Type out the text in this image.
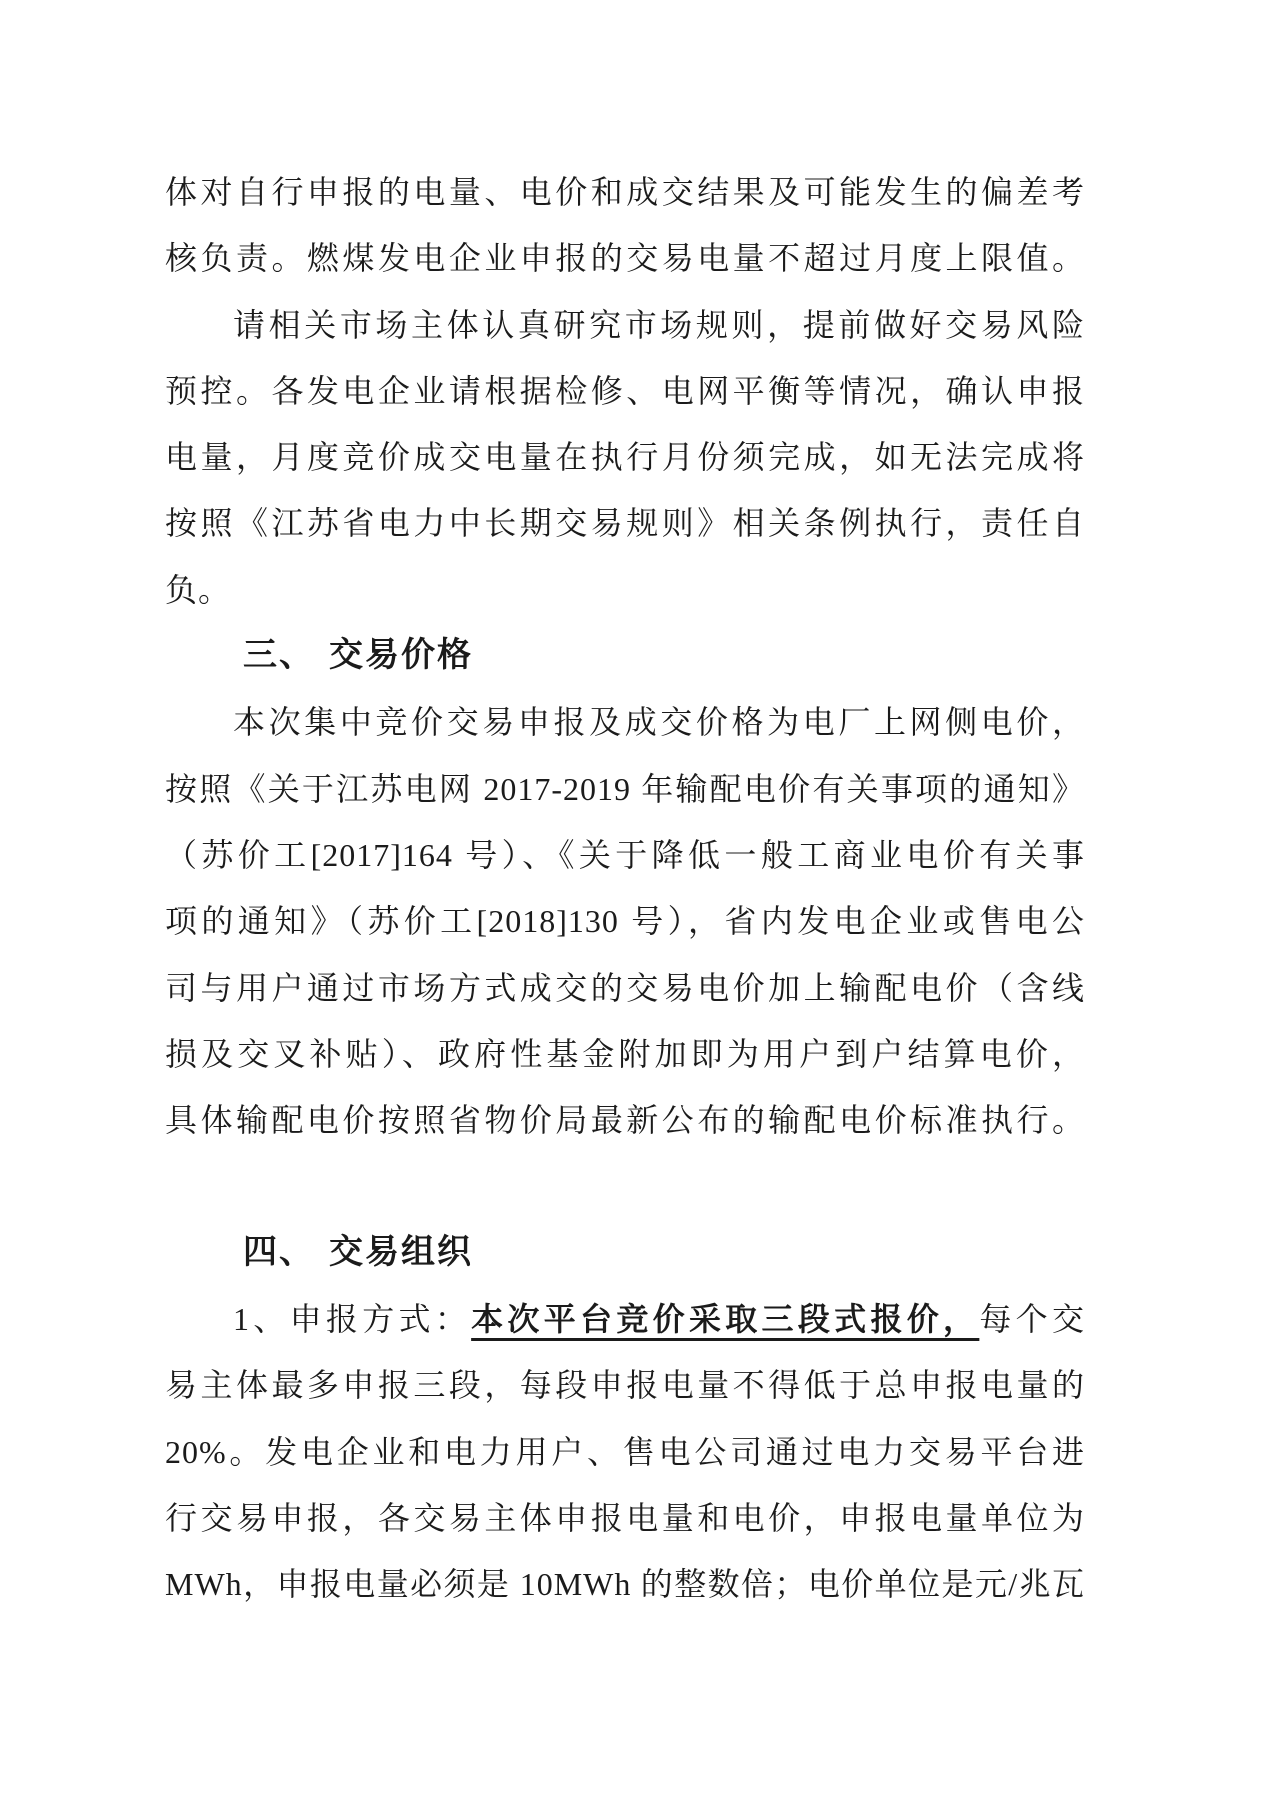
体对自行申报的电量、电价和成交结果及可能发生的偏差考
核负责。燃煤发电企业申报的交易电量不超过月度上限值。
请相关市场主体认真研究市场规则，提前做好交易风险
预控。各发电企业请根据检修、电网平衡等情况，确认申报
电量，月度竞价成交电量在执行月份须完成，如无法完成将
按照《江苏省电力中长期交易规则》相关条例执行，责任自
负。
三、 交易价格
本次集中竞价交易申报及成交价格为电厂上网侧电价，
按照《关于江苏电网 2017-2019 年输配电价有关事项的通知》
（苏价工[2017]164 号）、《关于降低一般工商业电价有关事
项的通知》（苏价工[2018]130 号），省内发电企业或售电公
司与用户通过市场方式成交的交易电价加上输配电价（含线
损及交叉补贴）、政府性基金附加即为用户到户结算电价，
具体输配电价按照省物价局最新公布的输配电价标准执行。
四、 交易组织
1、申报方式：本次平台竞价采取三段式报价，每个交
易主体最多申报三段，每段申报电量不得低于总申报电量的
20%。发电企业和电力用户、售电公司通过电力交易平台进
行交易申报，各交易主体申报电量和电价，申报电量单位为
MWh，申报电量必须是 10MWh 的整数倍；电价单位是元/兆瓦
